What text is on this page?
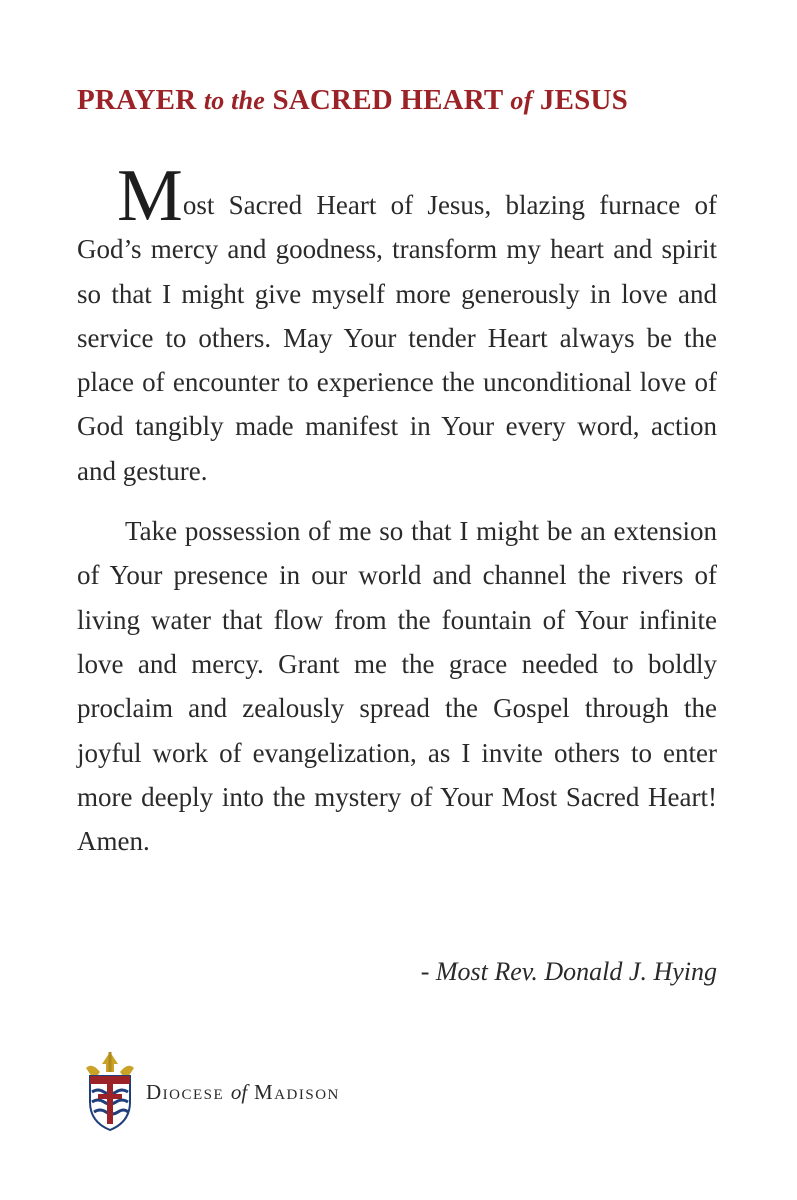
PRAYER to the SACRED HEART of JESUS

Most Sacred Heart of Jesus, blazing furnace of God’s mercy and goodness, transform my heart and spirit so that I might give myself more generously in love and service to others. May Your tender Heart always be the place of encounter to experience the unconditional love of God tangibly made manifest in Your every word, action and gesture.

Take possession of me so that I might be an extension of Your presence in our world and channel the rivers of living water that flow from the fountain of Your infinite love and mercy. Grant me the grace needed to boldly proclaim and zealously spread the Gospel through the joyful work of evangelization, as I invite others to enter more deeply into the mystery of Your Most Sacred Heart! Amen.

- Most Rev. Donald J. Hying
Diocese of Madison
